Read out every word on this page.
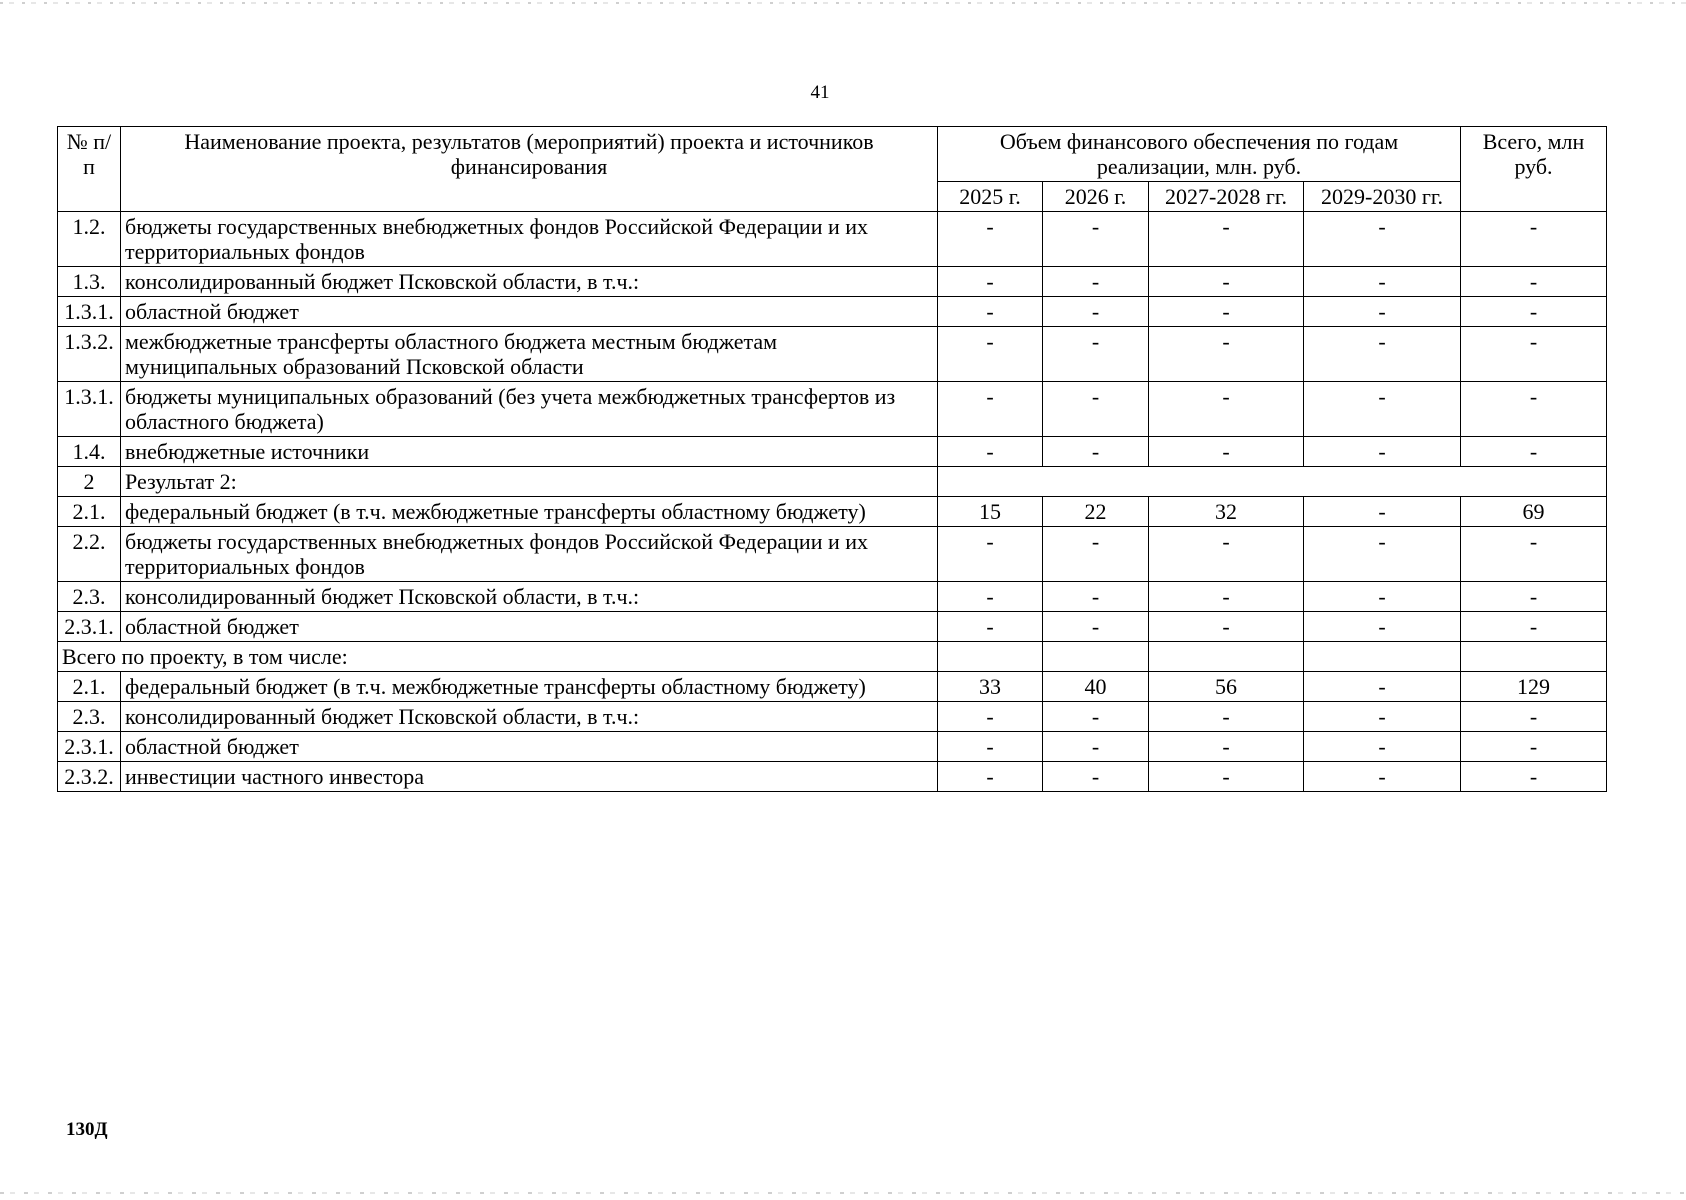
41
№ п/п	Наименование проекта, результатов (мероприятий) проекта и источников финансирования	Объем финансового обеспечения по годам реализации, млн. руб.				Всего, млн руб.
		2025 г.	2026 г.	2027-2028 гг.	2029-2030 гг.	
1.2.	бюджеты государственных внебюджетных фондов Российской Федерации и их территориальных фондов	-	-	-	-	-
1.3.	консолидированный бюджет Псковской области, в т.ч.:	-	-	-	-	-
1.3.1.	областной бюджет	-	-	-	-	-
1.3.2.	межбюджетные трансферты областного бюджета местным бюджетам муниципальных образований Псковской области	-	-	-	-	-
1.3.1.	бюджеты муниципальных образований (без учета межбюджетных трансфертов из областного бюджета)	-	-	-	-	-
1.4.	внебюджетные источники	-	-	-	-	-
2	Результат 2:					
2.1.	федеральный бюджет (в т.ч. межбюджетные трансферты областному бюджету)	15	22	32	-	69
2.2.	бюджеты государственных внебюджетных фондов Российской Федерации и их территориальных фондов	-	-	-	-	-
2.3.	консолидированный бюджет Псковской области, в т.ч.:	-	-	-	-	-
2.3.1.	областной бюджет	-	-	-	-	-
Всего по проекту, в том числе:						
2.1.	федеральный бюджет (в т.ч. межбюджетные трансферты областному бюджету)	33	40	56	-	129
2.3.	консолидированный бюджет Псковской области, в т.ч.:	-	-	-	-	-
2.3.1.	областной бюджет	-	-	-	-	-
2.3.2.	инвестиции частного инвестора	-	-	-	-	-
130Д
